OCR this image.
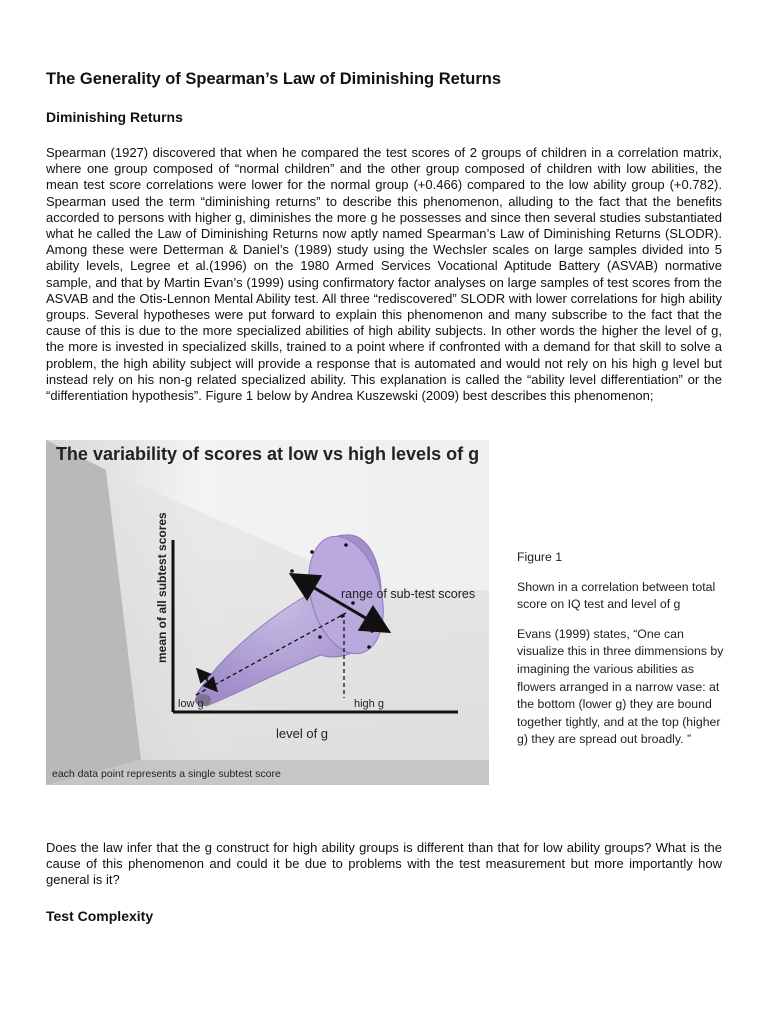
The Generality of Spearman’s Law of Diminishing Returns
Diminishing Returns

Spearman (1927) discovered that when he compared the test scores of 2 groups of children in a correlation matrix, where one group composed of “normal children” and the other group composed of children with low abilities, the mean test score correlations were lower for the normal group (+0.466) compared to the low ability group (+0.782). Spearman used the term “diminishing returns” to describe this phenomenon, alluding to the fact that the benefits accorded to persons with higher g, diminishes the more g he possesses and since then several studies substantiated what he called the Law of Diminishing Returns now aptly named Spearman’s Law of Diminishing Returns (SLODR). Among these were Detterman & Daniel’s (1989) study using the Wechsler scales on large samples divided into 5 ability levels, Legree et al.(1996) on the 1980 Armed Services Vocational Aptitude Battery (ASVAB) normative sample, and that by Martin Evan’s (1999) using confirmatory factor analyses on large samples of test scores from the ASVAB and the Otis-Lennon Mental Ability test. All three “rediscovered” SLODR with lower correlations for high ability groups. Several hypotheses were put forward to explain this phenomenon and many subscribe to the fact that the cause of this is due to the more specialized abilities of high ability subjects. In other words the higher the level of g, the more is invested in specialized skills, trained to a point where if confronted with a demand for that skill to solve a problem, the high ability subject will provide a response that is automated and would not rely on his high g level but instead rely on his non-g related specialized ability. This explanation is called the “ability level differentiation” or the “differentiation hypothesis”. Figure 1 below by Andrea Kuszewski (2009) best describes this phenomenon;

mean of all subtest scores	range of sub-test scores
low g	high g
level of g
each data point represents a single subtest score

The variability of scores at low vs high levels of g

Figure 1

Shown in a correlation between total score on IQ test and level of g

Evans (1999) states, “One can visualize this in three dimmensions by imagining the various abilities as flowers arranged in a narrow vase: at the bottom (lower g) they are bound together tightly, and at the top (higher g) they are spread out broadly. ”

Does the law infer that the g construct for high ability groups is different than that for low ability groups? What is the cause of this phenomenon and could it be due to problems with the test measurement but more importantly how general is it?

Test Complexity
